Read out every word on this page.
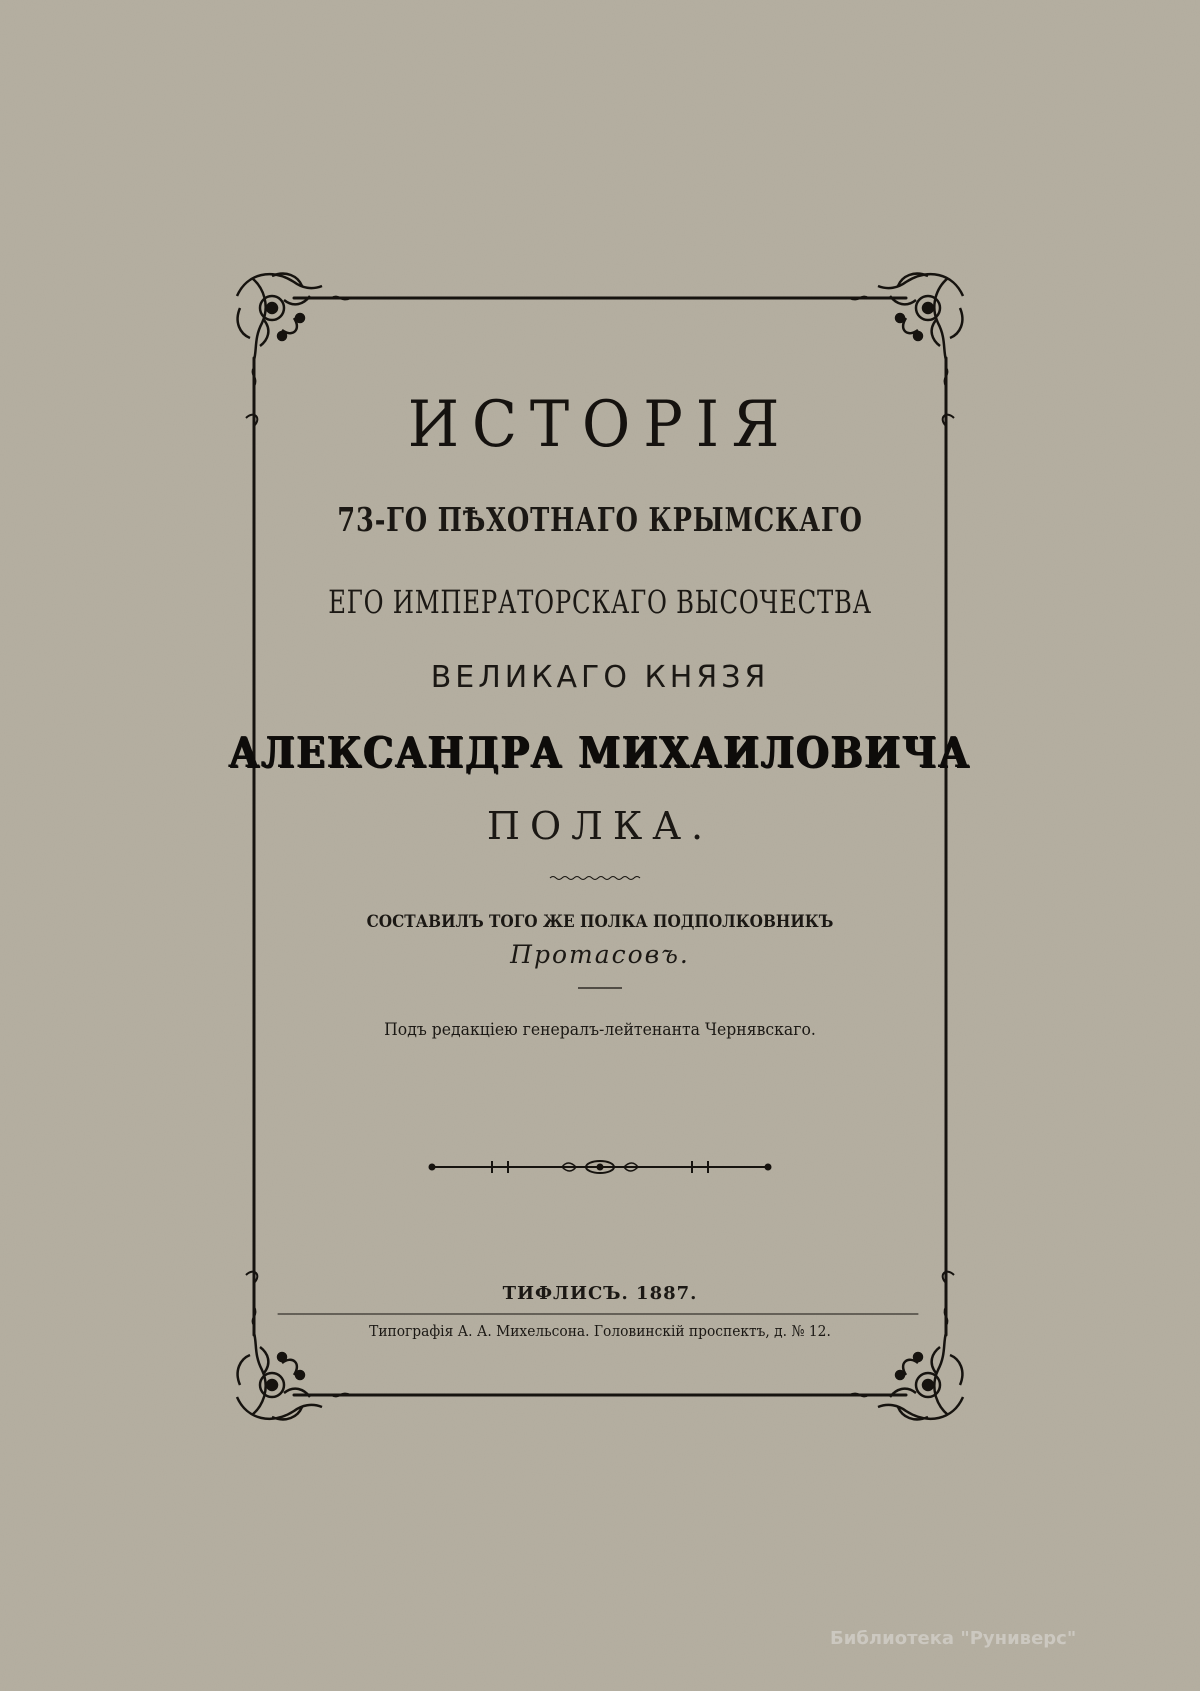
ИСТОРІЯ
73-ГО ПѢХОТНАГО КРЫМСКАГО
ЕГО ИМПЕРАТОРСКАГО ВЫСОЧЕСТВА
ВЕЛИКАГО КНЯЗЯ
АЛЕКСАНДРА МИХАИЛОВИЧА
ПОЛКА.
СОСТАВИЛЪ ТОГО ЖЕ ПОЛКА ПОДПОЛКОВНИКЪ
Протасовъ.
Подъ редакціею генералъ-лейтенанта Чернявскаго.
ТИФЛИСЪ. 1887.
Типографія А. А. Михельсона. Головинскій проспектъ, д. № 12.
Библиотека "Руниверс"
